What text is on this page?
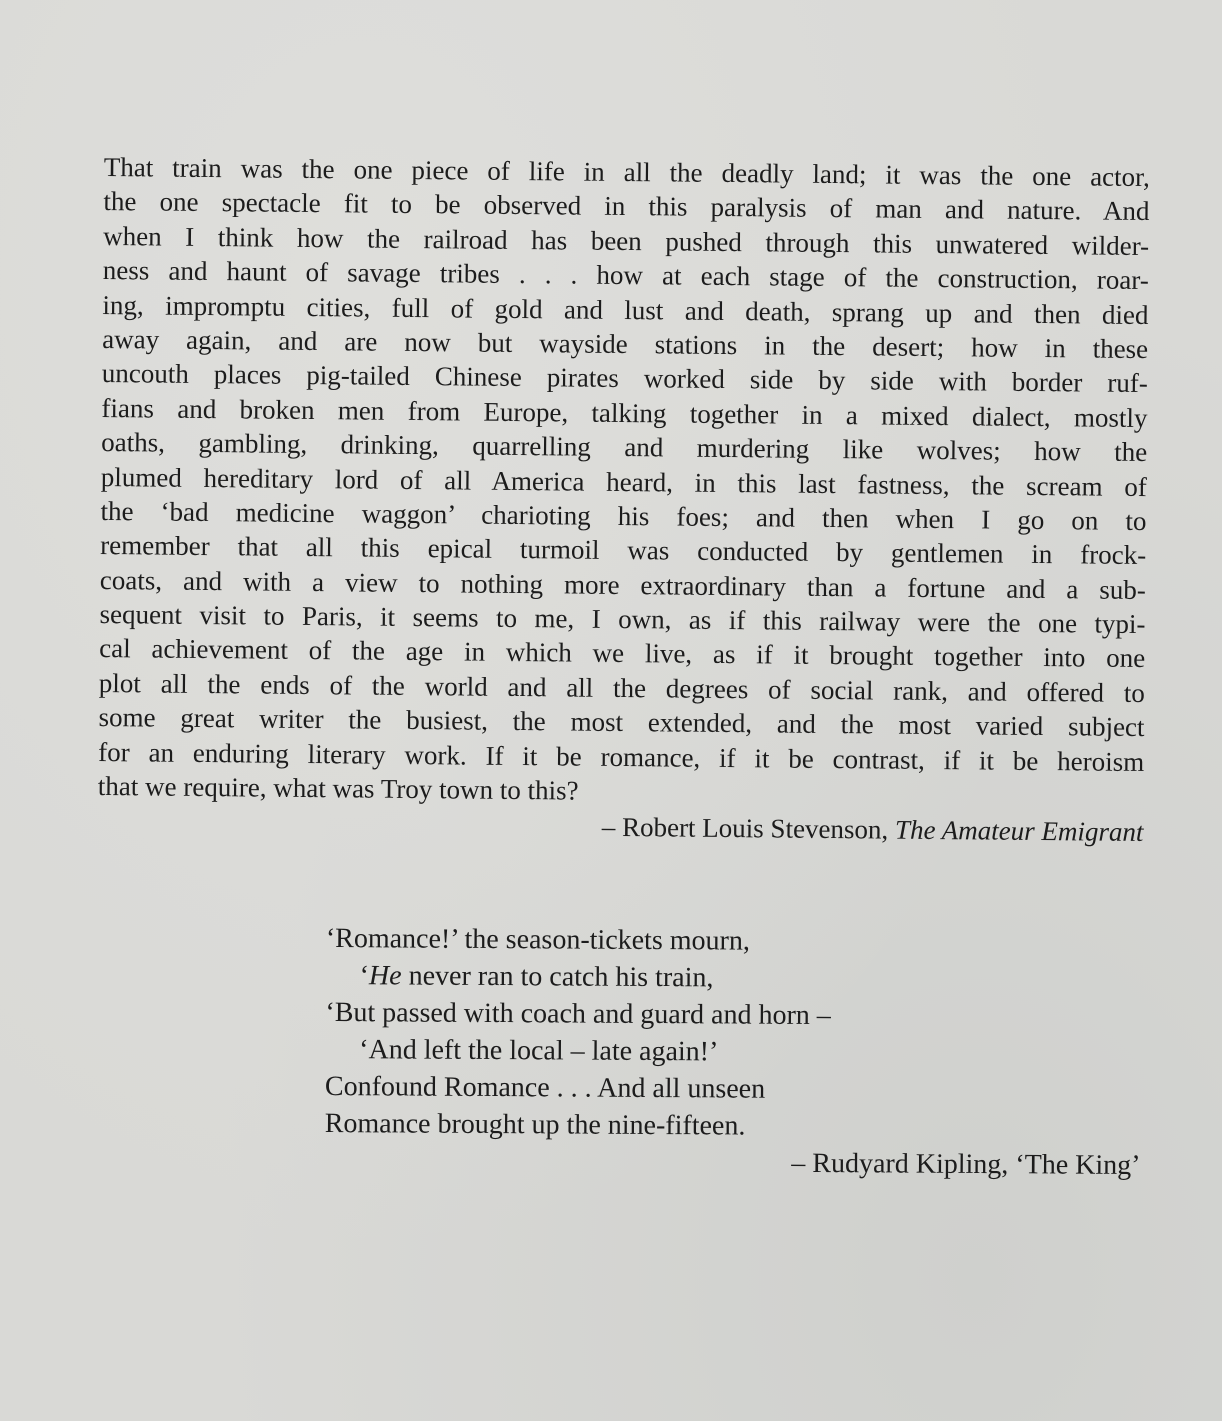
That train was the one piece of life in all the deadly land; it was the one actor,
the one spectacle fit to be observed in this paralysis of man and nature. And
when I think how the railroad has been pushed through this unwatered wilder-
ness and haunt of savage tribes . . . how at each stage of the construction, roar-
ing, impromptu cities, full of gold and lust and death, sprang up and then died
away again, and are now but wayside stations in the desert; how in these
uncouth places pig-tailed Chinese pirates worked side by side with border ruf-
fians and broken men from Europe, talking together in a mixed dialect, mostly
oaths, gambling, drinking, quarrelling and murdering like wolves; how the
plumed hereditary lord of all America heard, in this last fastness, the scream of
the ‘bad medicine waggon’ charioting his foes; and then when I go on to
remember that all this epical turmoil was conducted by gentlemen in frock-
coats, and with a view to nothing more extraordinary than a fortune and a sub-
sequent visit to Paris, it seems to me, I own, as if this railway were the one typi-
cal achievement of the age in which we live, as if it brought together into one
plot all the ends of the world and all the degrees of social rank, and offered to
some great writer the busiest, the most extended, and the most varied subject
for an enduring literary work. If it be romance, if it be contrast, if it be heroism
that we require, what was Troy town to this?
– Robert Louis Stevenson, The Amateur Emigrant
‘Romance!’ the season-tickets mourn,
‘He never ran to catch his train,
‘But passed with coach and guard and horn –
‘And left the local – late again!’
Confound Romance . . . And all unseen
Romance brought up the nine-fifteen.
– Rudyard Kipling, ‘The King’
